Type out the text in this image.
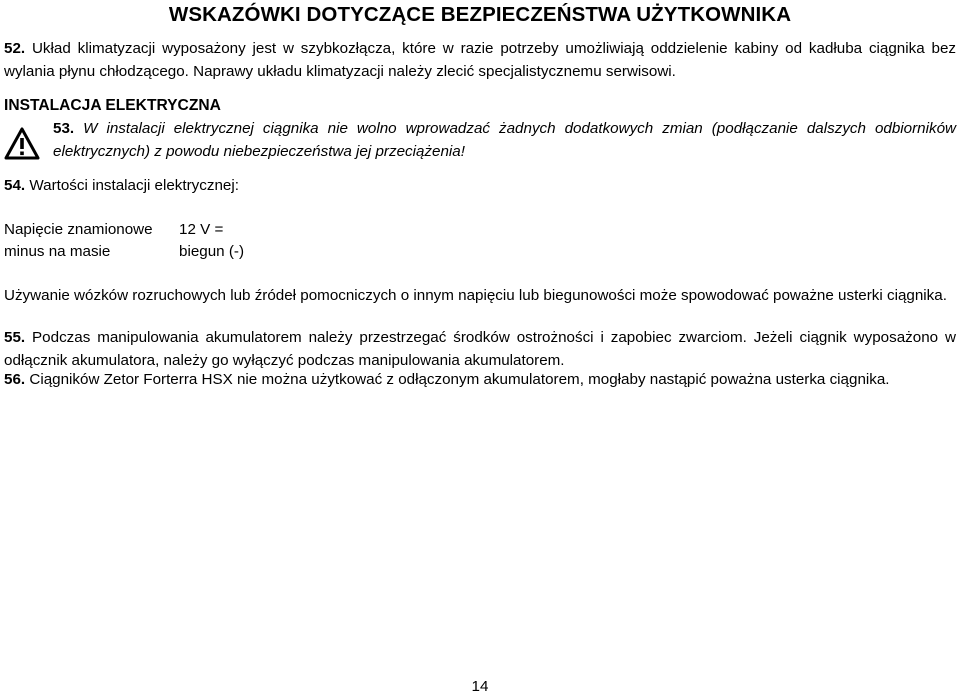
WSKAZÓWKI DOTYCZĄCE BEZPIECZEŃSTWA UŻYTKOWNIKA
52. Układ klimatyzacji wyposażony jest w szybkozłącza, które w razie potrzeby umożliwiają oddzielenie kabiny od kadłuba ciągnika bez wylania płynu chłodzącego. Naprawy układu klimatyzacji należy zlecić specjalistycznemu serwisowi.
INSTALACJA ELEKTRYCZNA
53. W instalacji elektrycznej ciągnika nie wolno wprowadzać żadnych dodatkowych zmian (podłączanie dalszych odbiorników elektrycznych) z powodu niebezpieczeństwa jej przeciążenia!
54. Wartości instalacji elektrycznej:
Napięcie znamionowe 12 V =
minus na masie	biegun (-)
Używanie wózków rozruchowych lub źródeł pomocniczych o innym napięciu lub biegunowości może spowodować poważne usterki ciągnika.
55. Podczas manipulowania akumulatorem należy przestrzegać środków ostrożności i zapobiec zwarciom. Jeżeli ciągnik wyposażono w odłącznik akumulatora, należy go wyłączyć podczas manipulowania akumulatorem.
56. Ciągników Zetor Forterra HSX nie można użytkować z odłączonym akumulatorem, mogłaby nastąpić poważna usterka ciągnika.
14
